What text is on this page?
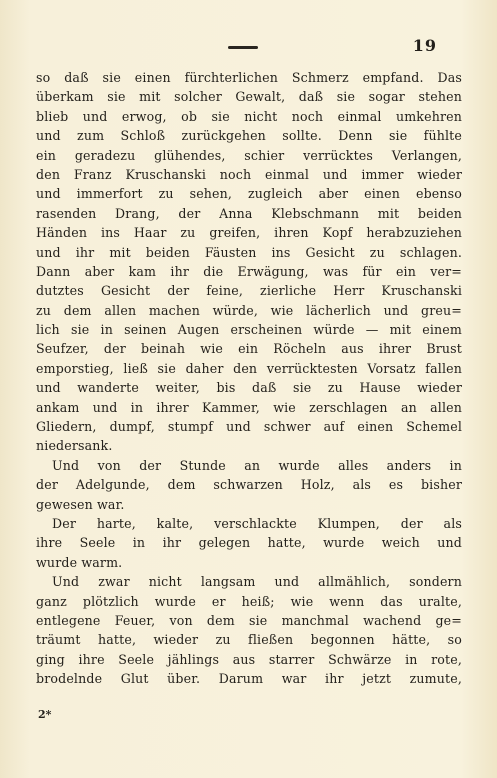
19
so daß sie einen fürchterlichen Schmerz empfand. Das
überkam sie mit solcher Gewalt, daß sie sogar stehen
blieb und erwog, ob sie nicht noch einmal umkehren
und zum Schloß zurückgehen sollte. Denn sie fühlte
ein geradezu glühendes, schier verrücktes Verlangen,
den Franz Kruschanski noch einmal und immer wieder
und immerfort zu sehen, zugleich aber einen ebenso
rasenden Drang, der Anna Klebschmann mit beiden
Händen ins Haar zu greifen, ihren Kopf herabzuziehen
und ihr mit beiden Fäusten ins Gesicht zu schlagen.
Dann aber kam ihr die Erwägung, was für ein ver=
dutztes Gesicht der feine, zierliche Herr Kruschanski
zu dem allen machen würde, wie lächerlich und greu=
lich sie in seinen Augen erscheinen würde — mit einem
Seufzer, der beinah wie ein Röcheln aus ihrer Brust
emporstieg, ließ sie daher den verrücktesten Vorsatz fallen
und wanderte weiter, bis daß sie zu Hause wieder
ankam und in ihrer Kammer, wie zerschlagen an allen
Gliedern, dumpf, stumpf und schwer auf einen Schemel
niedersank.
Und von der Stunde an wurde alles anders in
der Adelgunde, dem schwarzen Holz, als es bisher
gewesen war.
Der harte, kalte, verschlackte Klumpen, der als
ihre Seele in ihr gelegen hatte, wurde weich und
wurde warm.
Und zwar nicht langsam und allmählich, sondern
ganz plötzlich wurde er heiß; wie wenn das uralte,
entlegene Feuer, von dem sie manchmal wachend ge=
träumt hatte, wieder zu fließen begonnen hätte, so
ging ihre Seele jählings aus starrer Schwärze in rote,
brodelnde Glut über. Darum war ihr jetzt zumute,
2*
